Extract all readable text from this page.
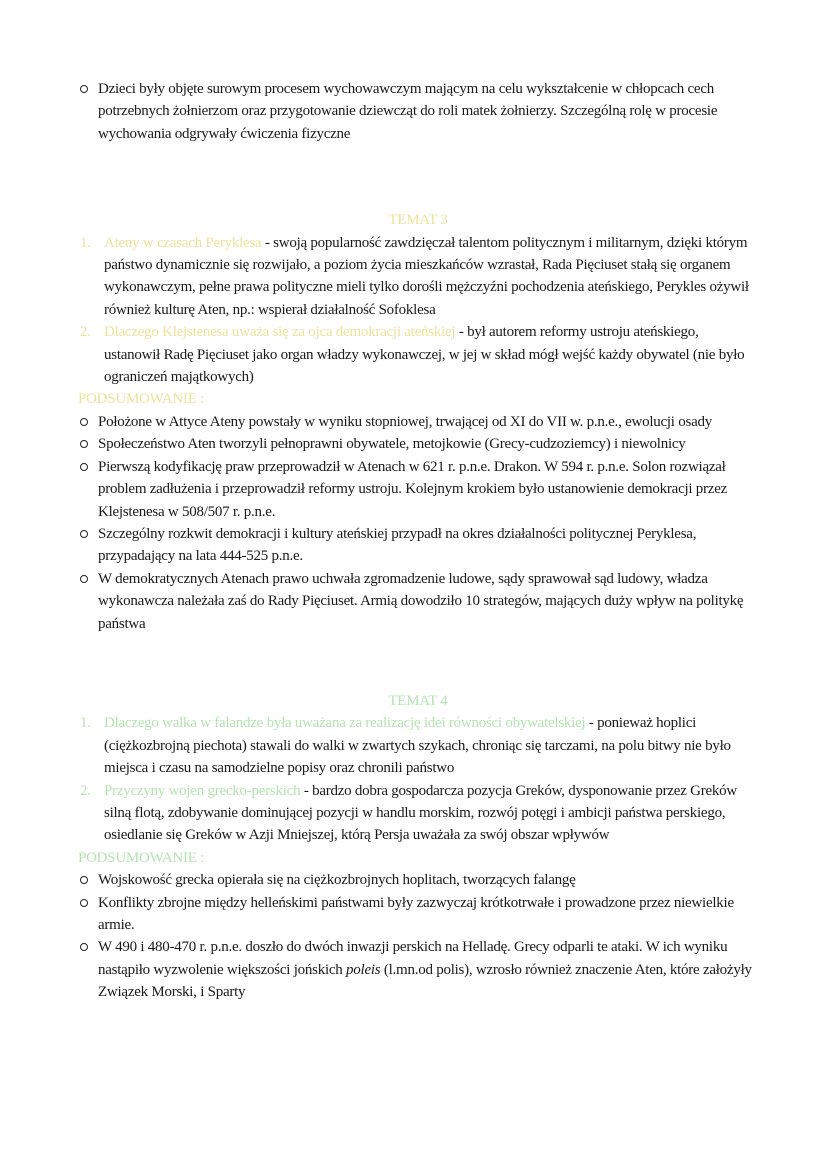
Dzieci były objęte surowym procesem wychowawczym mającym na celu wykształcenie w chłopcach cech potrzebnych żołnierzom oraz przygotowanie dziewcząt do roli matek żołnierzy. Szczególną rolę w procesie wychowania odgrywały ćwiczenia fizyczne

TEMAT 3

1. Ateny w czasach Peryklesa - swoją popularność zawdzięczał talentom politycznym i militarnym, dzięki którym państwo dynamicznie się rozwijało, a poziom życia mieszkańców wzrastał, Rada Pięciuset stałą się organem wykonawczym, pełne prawa polityczne mieli tylko dorośli mężczyźni pochodzenia ateńskiego, Perykles ożywił również kulturę Aten, np.: wspierał działalność Sofoklesa
2. Dlaczego Klejstenesa uważa się za ojca demokracji ateńskiej - był autorem reformy ustroju ateńskiego, ustanowił Radę Pięciuset jako organ władzy wykonawczej, w jej w skład mógł wejść każdy obywatel (nie było ograniczeń majątkowych)

PODSUMOWANIE :

Położone w Attyce Ateny powstały w wyniku stopniowej, trwającej od XI do VII w. p.n.e., ewolucji osady
Społeczeństwo Aten tworzyli pełnoprawni obywatele, metojkowie (Grecy-cudzoziemcy) i niewolnicy
Pierwszą kodyfikację praw przeprowadził w Atenach w 621 r. p.n.e. Drakon. W 594 r. p.n.e. Solon rozwiązał problem zadłużenia i przeprowadził reformy ustroju. Kolejnym krokiem było ustanowienie demokracji przez Klejstenesa w 508/507 r. p.n.e.
Szczególny rozkwit demokracji i kultury ateńskiej przypadł na okres działalności politycznej Peryklesa, przypadający na lata 444-525 p.n.e.
W demokratycznych Atenach prawo uchwała zgromadzenie ludowe, sądy sprawował sąd ludowy, władza wykonawcza należała zaś do Rady Pięciuset. Armią dowodziło 10 strategów, mających duży wpływ na politykę państwa

TEMAT 4

1. Dlaczego walka w falandze była uważana za realizację idei równości obywatelskiej - ponieważ hoplici (ciężkozbrojną piechota) stawali do walki w zwartych szykach, chroniąc się tarczami, na polu bitwy nie było miejsca i czasu na samodzielne popisy oraz chronili państwo
2. Przyczyny wojen grecko-perskich - bardzo dobra gospodarcza pozycja Greków, dysponowanie przez Greków silną flotą, zdobywanie dominującej pozycji w handlu morskim, rozwój potęgi i ambicji państwa perskiego, osiedlanie się Greków w Azji Mniejszej, którą Persja uważała za swój obszar wpływów

PODSUMOWANIE :

Wojskowość grecka opierała się na ciężkozbrojnych hoplitach, tworzących falangę
Konflikty zbrojne między helleńskimi państwami były zazwyczaj krótkotrwałe i prowadzone przez niewielkie armie.
W 490 i 480-470 r. p.n.e. doszło do dwóch inwazji perskich na Helladę. Grecy odparli te ataki. W ich wyniku nastąpiło wyzwolenie większości jońskich poleis (l.mn.od polis), wzrosło również znaczenie Aten, które założyły Związek Morski, i Sparty
